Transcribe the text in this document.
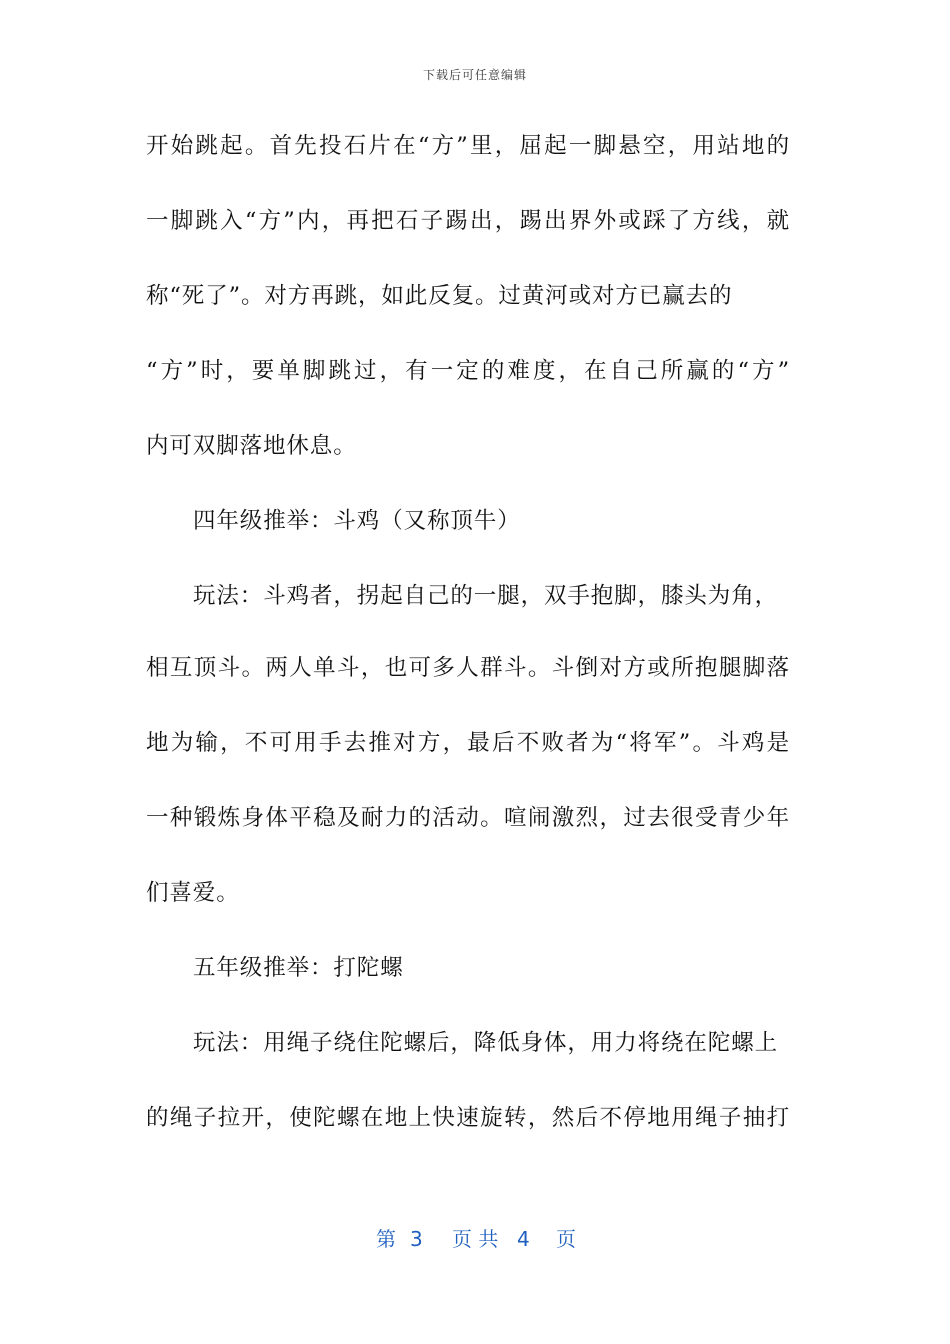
下载后可任意编辑
开始跳起。首先投石片在“方”里，屈起一脚悬空，用站地的
一脚跳入“方”内，再把石子踢出，踢出界外或踩了方线，就
称“死了”。对方再跳，如此反复。过黄河或对方已赢去的
“方”时，要单脚跳过，有一定的难度，在自己所赢的“方”
内可双脚落地休息。
四年级推举：斗鸡（又称顶牛）
玩法：斗鸡者，拐起自己的一腿，双手抱脚，膝头为角，
相互顶斗。两人单斗，也可多人群斗。斗倒对方或所抱腿脚落
地为输，不可用手去推对方，最后不败者为“将军”。斗鸡是
一种锻炼身体平稳及耐力的活动。喧闹激烈，过去很受青少年
们喜爱。
五年级推举：打陀螺
玩法：用绳子绕住陀螺后，降低身体，用力将绕在陀螺上
的绳子拉开，使陀螺在地上快速旋转，然后不停地用绳子抽打
第 3 页 共 4 页
